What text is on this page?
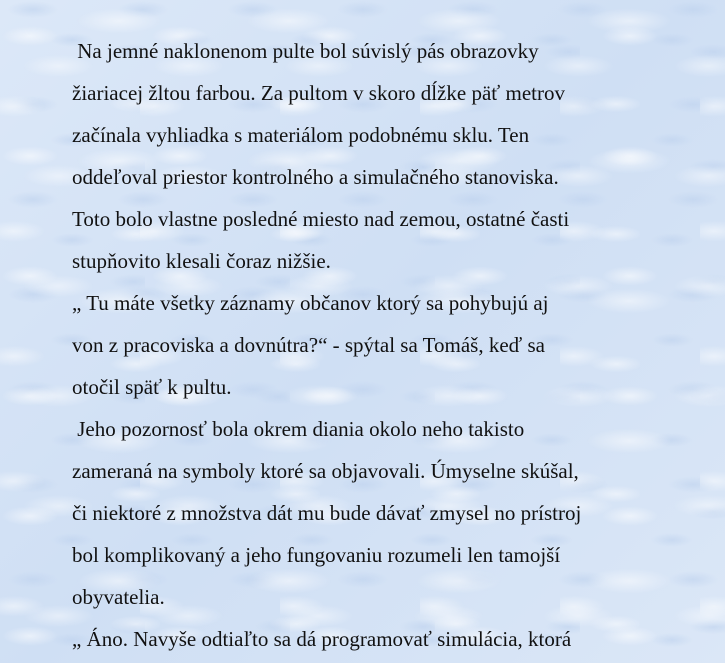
Na jemné naklonenom pulte bol súvislý pás obrazovky
žiariacej žltou farbou. Za pultom v skoro dĺžke päť metrov
začínala vyhliadka s materiálom podobnému sklu. Ten
oddeľoval priestor kontrolného a simulačného stanoviska.
Toto bolo vlastne posledné miesto nad zemou, ostatné časti
stupňovito klesali čoraz nižšie.
„ Tu máte všetky záznamy občanov ktorý sa pohybujú aj
von z pracoviska a dovnútra?“ - spýtal sa Tomáš, keď sa
otočil späť k pultu.
Jeho pozornosť bola okrem diania okolo neho takisto
zameraná na symboly ktoré sa objavovali. Úmyselne skúšal,
či niektoré z množstva dát mu bude dávať zmysel no prístroj
bol komplikovaný a jeho fungovaniu rozumeli len tamojší
obyvatelia.
„ Áno. Navyše odtiaľto sa dá programovať simulácia, ktorá
